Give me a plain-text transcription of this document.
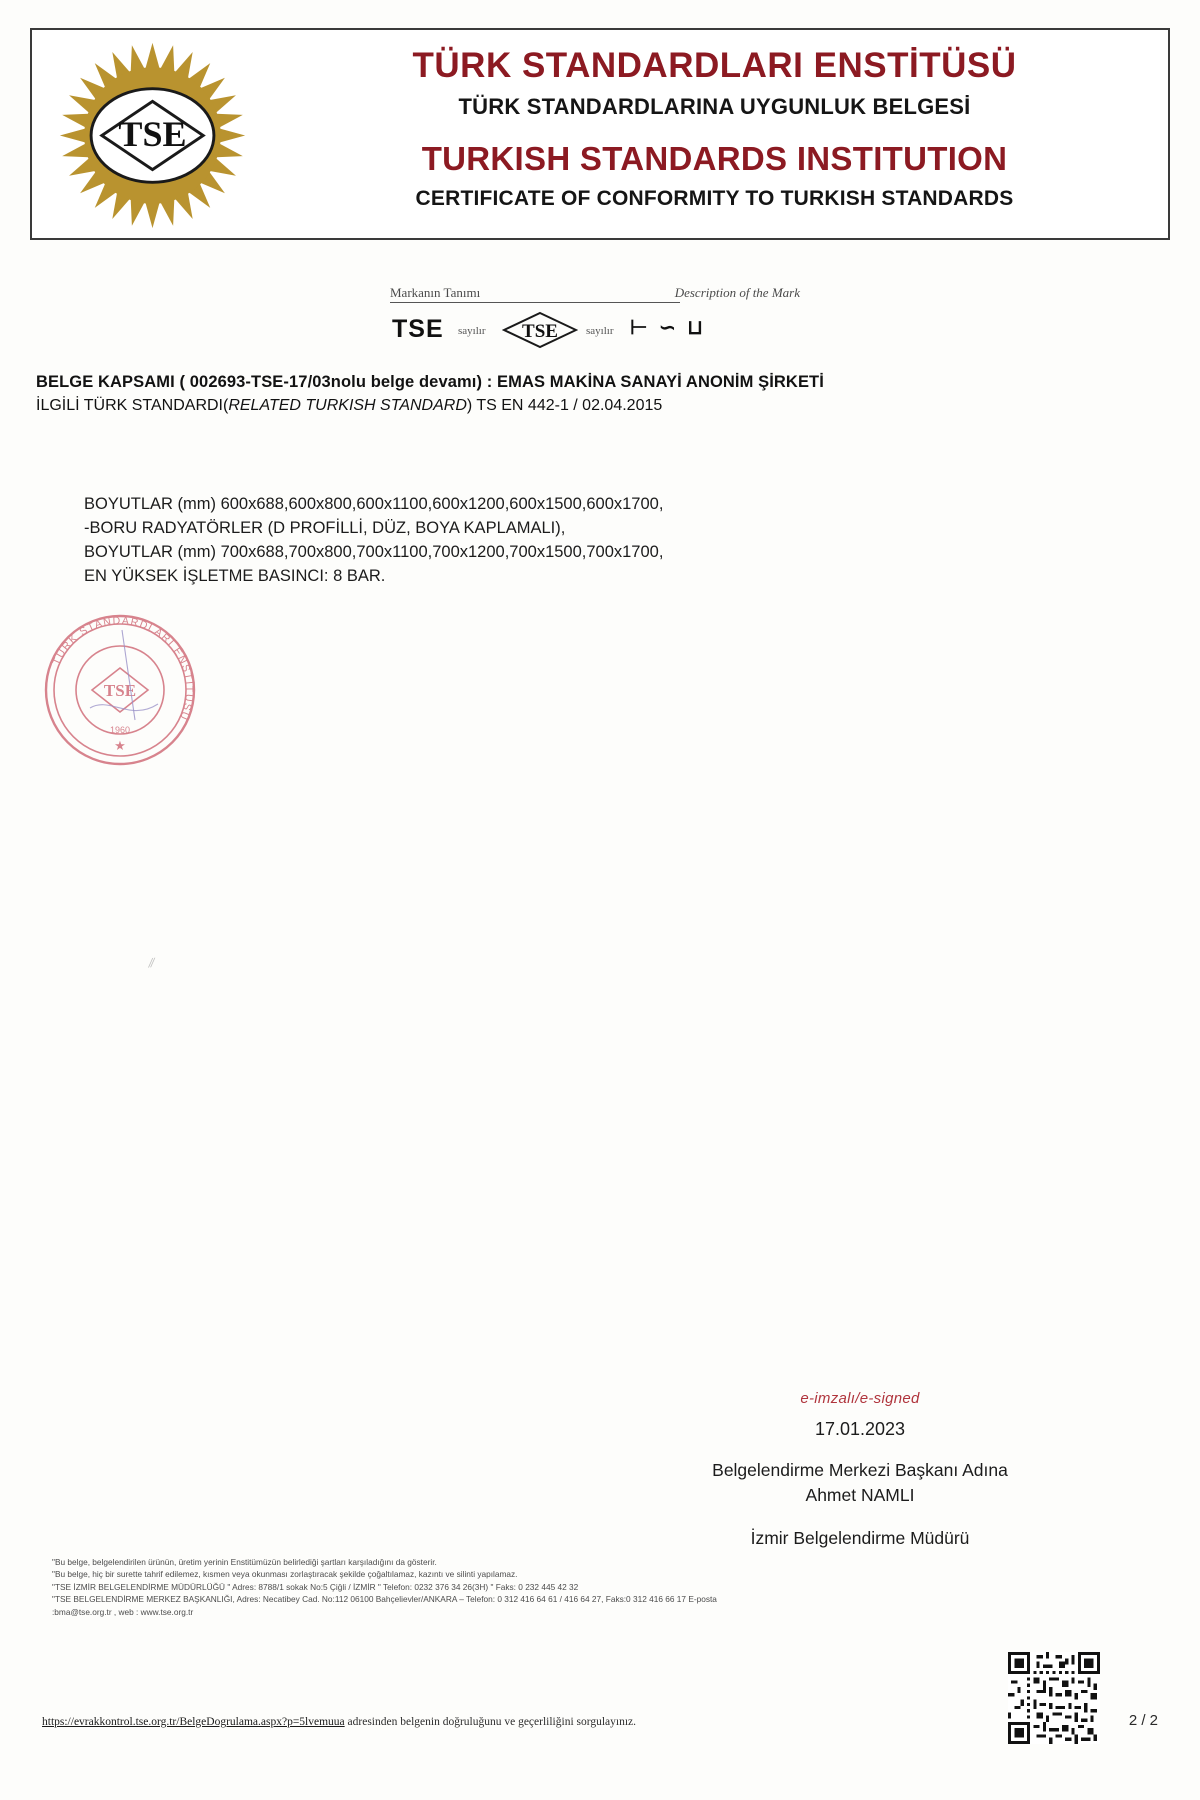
TSE
TÜRK STANDARDLARI ENSTİTÜSÜ
TÜRK STANDARDLARINA UYGUNLUK BELGESİ
TURKISH STANDARDS INSTITUTION
CERTIFICATE OF CONFORMITY TO TURKISH STANDARDS
Markanın Tanımı	Description of the Mark
TSE sayılır TSE	sayılır ⊢ ∽ ⊔
BELGE KAPSAMI ( 002693-TSE-17/03nolu belge devamı) : EMAS MAKİNA SANAYİ ANONİM ŞİRKETİ
İLGİLİ TÜRK STANDARDI(RELATED TURKISH STANDARD) TS EN 442-1 / 02.04.2015
BOYUTLAR (mm) 600x688,600x800,600x1100,600x1200,600x1500,600x1700,
-BORU RADYATÖRLER (D PROFİLLİ, DÜZ, BOYA KAPLAMALI),
BOYUTLAR (mm) 700x688,700x800,700x1100,700x1200,700x1500,700x1700,
EN YÜKSEK İŞLETME BASINCI: 8 BAR.
TSE
TÜRK STANDARDLARI ENSTİTÜSÜ
1960
★
⁄⁄
e-imzalı/e-signed
17.01.2023
Belgelendirme Merkezi Başkanı Adına
Ahmet NAMLI
İzmir Belgelendirme Müdürü
"Bu belge, belgelendirilen ürünün, üretim yerinin Enstitümüzün belirlediği şartları karşıladığını da gösterir.
"Bu belge, hiç bir surette tahrif edilemez, kısmen veya okunması zorlaştıracak şekilde çoğaltılamaz, kazıntı ve silinti yapılamaz.
"TSE İZMİR BELGELENDİRME MÜDÜRLÜĞÜ " Adres: 8788/1 sokak No:5 Çiğli / İZMİR " Telefon: 0232 376 34 26(3H) " Faks: 0 232 445 42 32
"TSE BELGELENDİRME MERKEZ BAŞKANLIĞI, Adres: Necatibey Cad. No:112 06100 Bahçelievler/ANKARA – Telefon: 0 312 416 64 61 / 416 64 27, Faks:0 312 416 66 17 E-posta
:bma@tse.org.tr , web : www.tse.org.tr
https://evrakkontrol.tse.org.tr/BelgeDogrulama.aspx?p=5lvemuua adresinden belgenin doğruluğunu ve geçerliliğini sorgulayınız.	2 / 2
